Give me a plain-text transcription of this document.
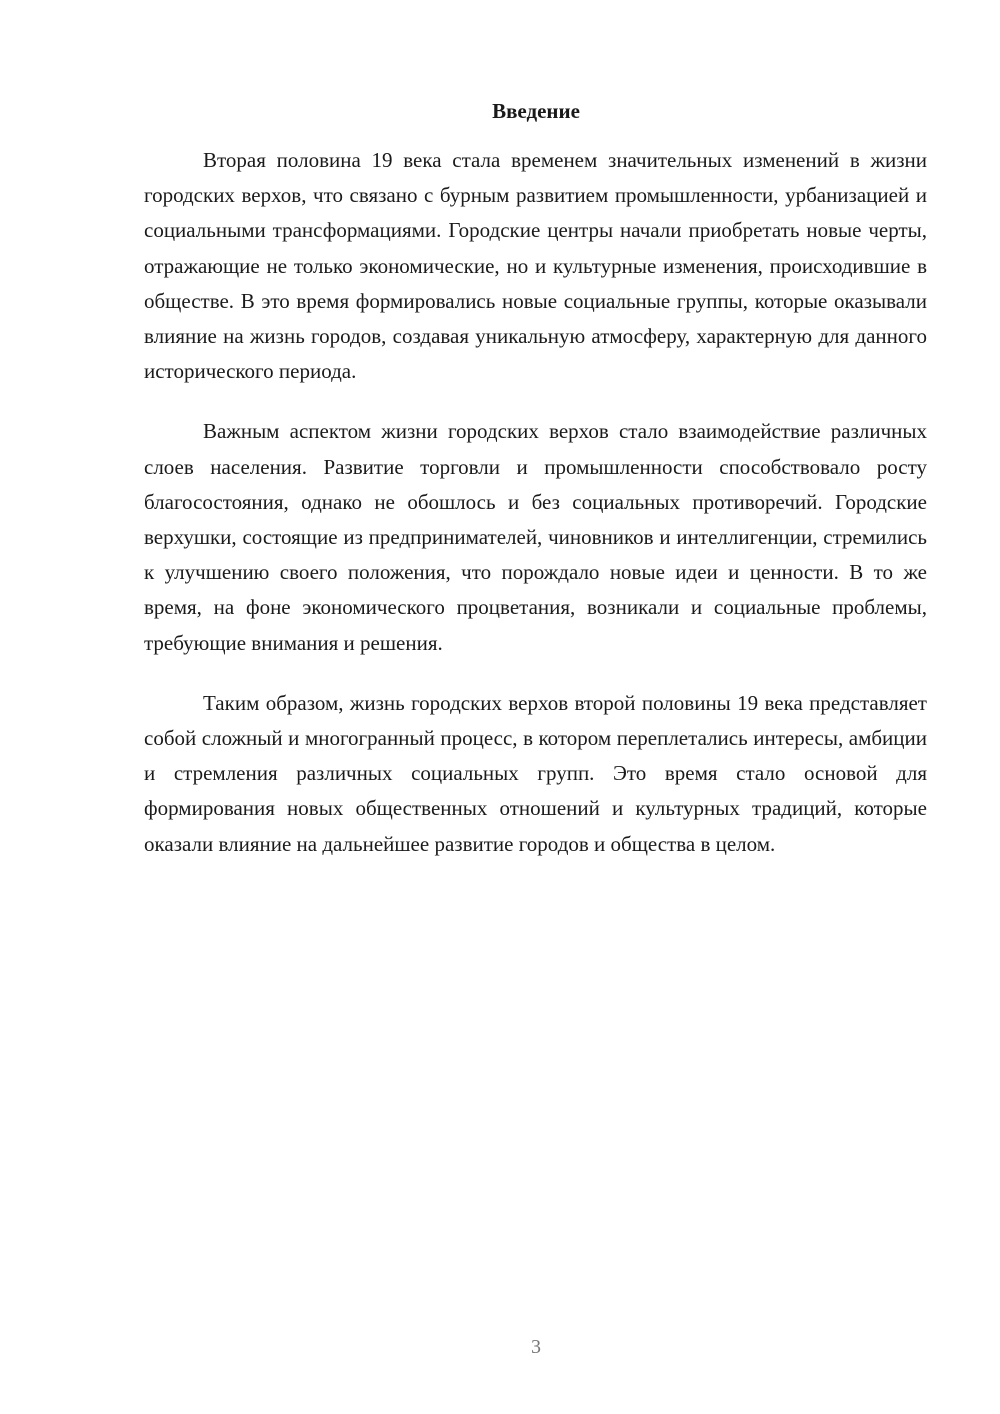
Введение

Вторая половина 19 века стала временем значительных изменений в жизни городских верхов, что связано с бурным развитием промышленности, урбанизацией и социальными трансформациями. Городские центры начали приобретать новые черты, отражающие не только экономические, но и культурные изменения, происходившие в обществе. В это время формировались новые социальные группы, которые оказывали влияние на жизнь городов, создавая уникальную атмосферу, характерную для данного исторического периода.

Важным аспектом жизни городских верхов стало взаимодействие различных слоев населения. Развитие торговли и промышленности способствовало росту благосостояния, однако не обошлось и без социальных противоречий. Городские верхушки, состоящие из предпринимателей, чиновников и интеллигенции, стремились к улучшению своего положения, что порождало новые идеи и ценности. В то же время, на фоне экономического процветания, возникали и социальные проблемы, требующие внимания и решения.

Таким образом, жизнь городских верхов второй половины 19 века представляет собой сложный и многогранный процесс, в котором переплетались интересы, амбиции и стремления различных социальных групп. Это время стало основой для формирования новых общественных отношений и культурных традиций, которые оказали влияние на дальнейшее развитие городов и общества в целом.

3
